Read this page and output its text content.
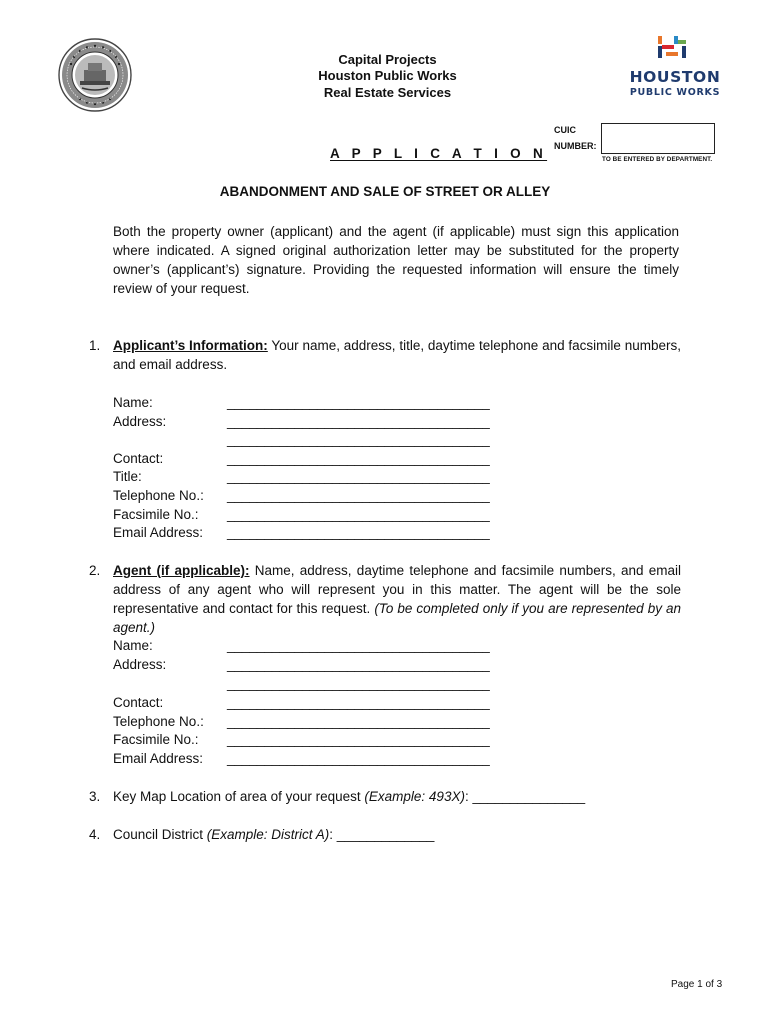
HOUSTON
PUBLIC WORKS
Capital Projects
Houston Public Works
Real Estate Services
CUIC
NUMBER:
TO BE ENTERED BY DEPARTMENT.
A P P L I C A T I O N
ABANDONMENT AND SALE OF STREET OR ALLEY
Both the property owner (applicant) and the agent (if applicable) must sign this application where indicated. A signed original authorization letter may be substituted for the property owner’s (applicant’s) signature. Providing the requested information will ensure the timely review of your request.
1. Applicant’s Information: Your name, address, title, daytime telephone and facsimile numbers, and email address.
Name:	___________________________________
Address:	___________________________________
___________________________________
Contact:	___________________________________
Title:	___________________________________
Telephone No.: ___________________________________
Facsimile No.: ___________________________________
Email Address: ___________________________________
2. Agent (if applicable): Name, address, daytime telephone and facsimile numbers, and email address of any agent who will represent you in this matter. The agent will be the sole representative and contact for this request. (To be completed only if you are represented by an agent.)
Name:	___________________________________
Address:	___________________________________
___________________________________
Contact:	___________________________________
Telephone No.: ___________________________________
Facsimile No.: ___________________________________
Email Address: ___________________________________
3. Key Map Location of area of your request (Example: 493X): _______________
4. Council District (Example: District A): _____________
Page 1 of 3
